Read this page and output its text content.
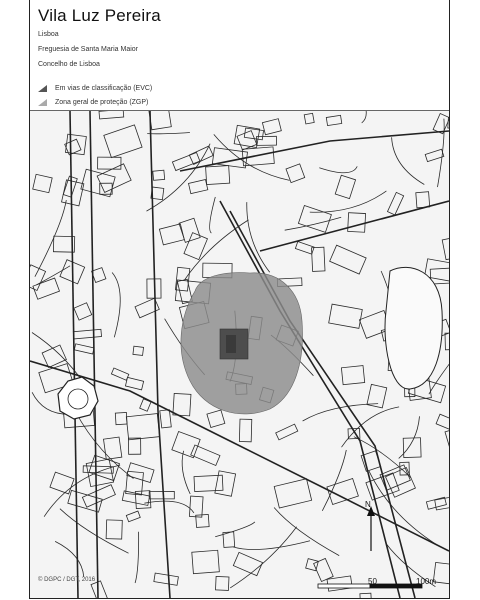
Vila Luz Pereira
Lisboa
Freguesia de Santa Maria Maior
Concelho de Lisboa
Em vias de classificação (EVC)
Zona geral de proteção (ZGP)
N
© DGPC / DGT, 2016	50	100m
